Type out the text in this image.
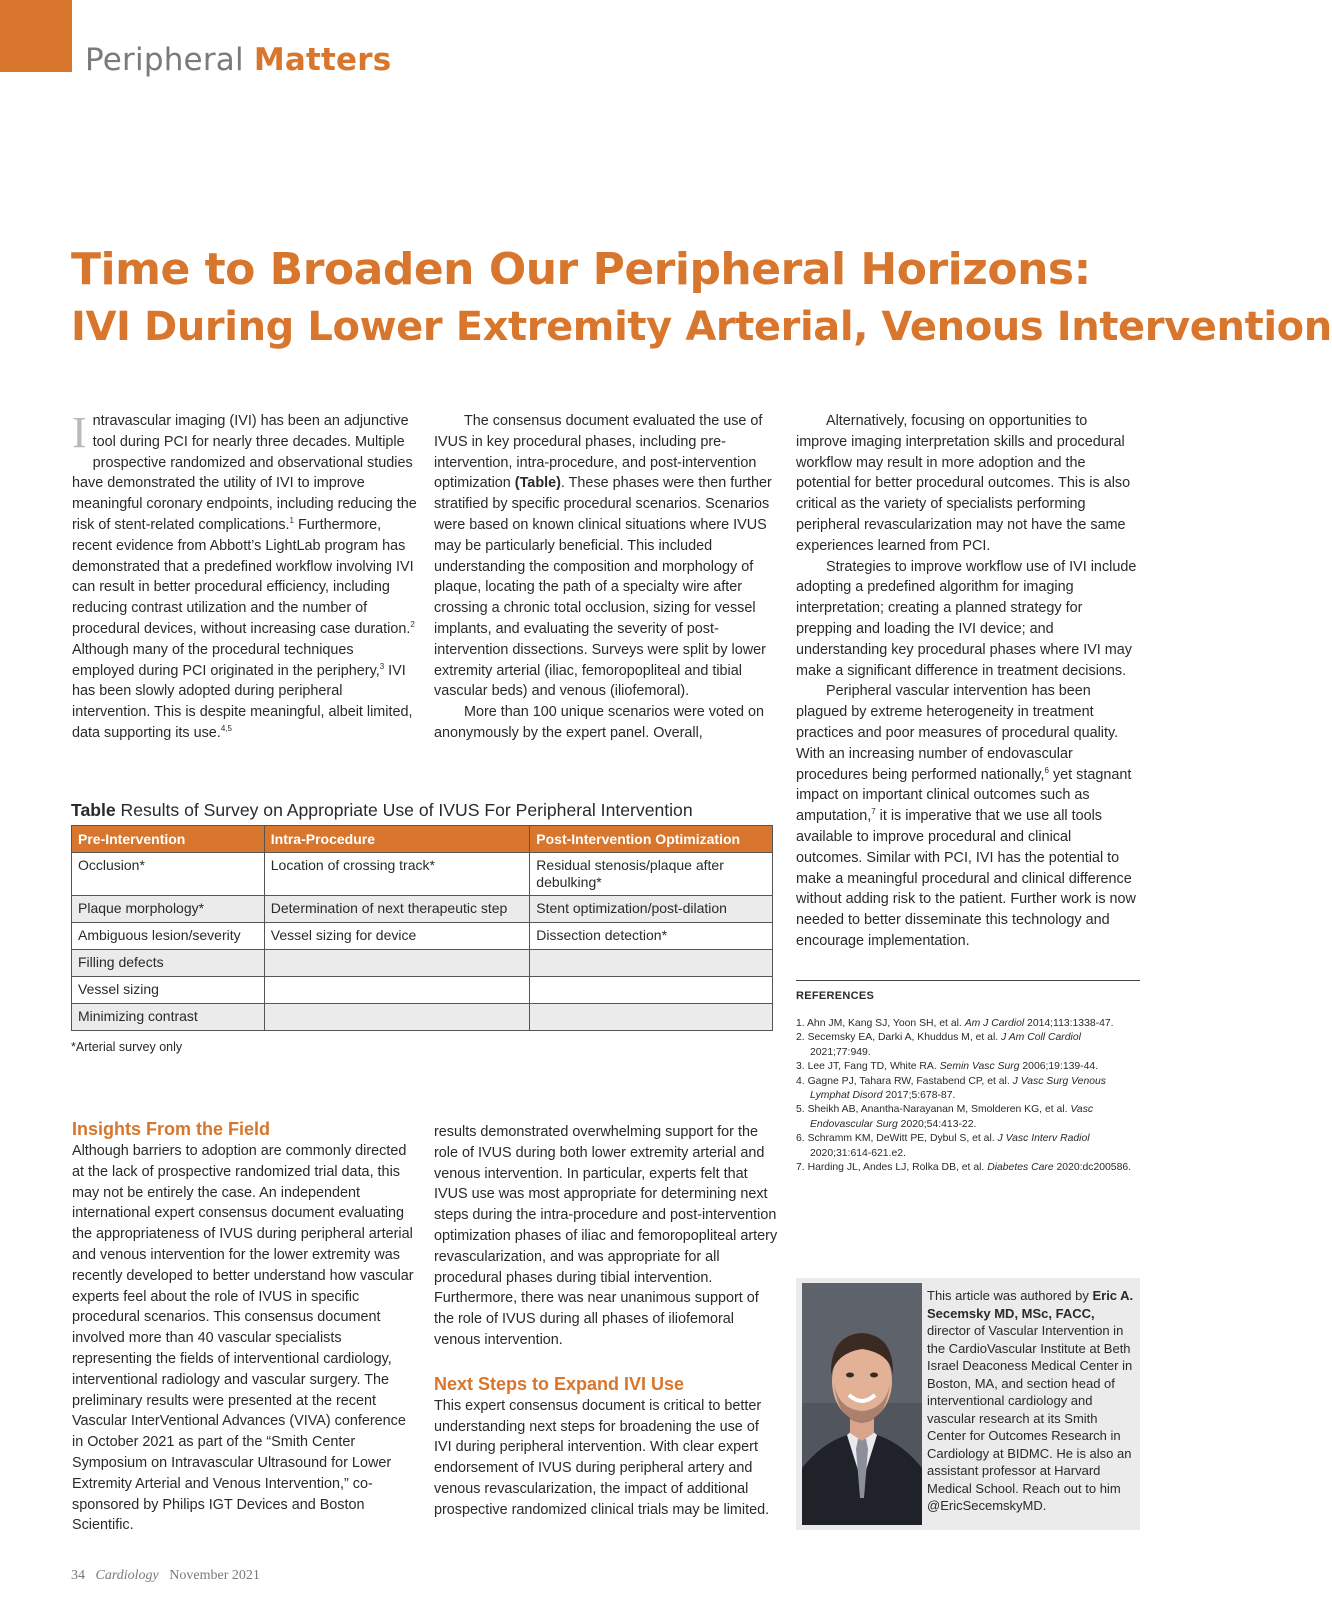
Peripheral Matters
Time to Broaden Our Peripheral Horizons:
IVI During Lower Extremity Arterial, Venous Intervention

Intravascular imaging (IVI) has been an adjunctive tool during PCI for nearly three decades. Multiple prospective randomized and observational studies have demonstrated the utility of IVI to improve meaningful coronary endpoints, including reducing the risk of stent-related complications.$^1$ Furthermore, recent evidence from Abbott’s LightLab program has demonstrated that a predefined workflow involving IVI can result in better procedural efficiency, including reducing contrast utilization and the number of procedural devices, without increasing case duration.$^2$ Although many of the procedural techniques employed during PCI originated in the periphery,$^3$ IVI has been slowly adopted during peripheral intervention. This is despite meaningful, albeit limited, data supporting its use.$^{4,5}$

The consensus document evaluated the use of IVUS in key procedural phases, including pre-intervention, intra-procedure, and post-intervention optimization (Table). These phases were then further stratified by specific procedural scenarios. Scenarios were based on known clinical situations where IVUS may be particularly beneficial. This included understanding the composition and morphology of plaque, locating the path of a specialty wire after crossing a chronic total occlusion, sizing for vessel implants, and evaluating the severity of post-intervention dissections. Surveys were split by lower extremity arterial (iliac, femoropopliteal and tibial vascular beds) and venous (iliofemoral).

More than 100 unique scenarios were voted on anonymously by the expert panel. Overall,

Alternatively, focusing on opportunities to improve imaging interpretation skills and procedural workflow may result in more adoption and the potential for better procedural outcomes. This is also critical as the variety of specialists performing peripheral revascularization may not have the same experiences learned from PCI.

Strategies to improve workflow use of IVI include adopting a predefined algorithm for imaging interpretation; creating a planned strategy for prepping and loading the IVI device; and understanding key procedural phases where IVI may make a significant difference in treatment decisions.

Peripheral vascular intervention has been plagued by extreme heterogeneity in treatment practices and poor measures of procedural quality. With an increasing number of endovascular procedures being performed nationally,$^6$ yet stagnant impact on important clinical outcomes such as amputation,$^7$ it is imperative that we use all tools available to improve procedural and clinical outcomes. Similar with PCI, IVI has the potential to make a meaningful procedural and clinical difference without adding risk to the patient. Further work is now needed to better disseminate this technology and encourage implementation.

Table Results of Survey on Appropriate Use of IVUS For Peripheral Intervention
Pre-Intervention	Intra-Procedure	Post-Intervention Optimization
Occlusion*	Location of crossing track*	Residual stenosis/plaque after debulking*
Plaque morphology*	Determination of next therapeutic step	Stent optimization/post-dilation
Ambiguous lesion/severity	Vessel sizing for device	Dissection detection*
Filling defects		
Vessel sizing		
Minimizing contrast		
*Arterial survey only
Insights From the Field

Although barriers to adoption are commonly directed at the lack of prospective randomized trial data, this may not be entirely the case. An independent international expert consensus document evaluating the appropriateness of IVUS during peripheral arterial and venous intervention for the lower extremity was recently developed to better understand how vascular experts feel about the role of IVUS in specific procedural scenarios. This consensus document involved more than 40 vascular specialists representing the fields of interventional cardiology, interventional radiology and vascular surgery. The preliminary results were presented at the recent Vascular InterVentional Advances (VIVA) conference in October 2021 as part of the “Smith Center Symposium on Intravascular Ultrasound for Lower Extremity Arterial and Venous Intervention,” co-sponsored by Philips IGT Devices and Boston Scientific.

results demonstrated overwhelming support for the role of IVUS during both lower extremity arterial and venous intervention. In particular, experts felt that IVUS use was most appropriate for determining next steps during the intra-procedure and post-intervention optimization phases of iliac and femoropopliteal artery revascularization, and was appropriate for all procedural phases during tibial intervention. Furthermore, there was near unanimous support of the role of IVUS during all phases of iliofemoral venous intervention.

Next Steps to Expand IVI Use

This expert consensus document is critical to better understanding next steps for broadening the use of IVI during peripheral intervention. With clear expert endorsement of IVUS during peripheral artery and venous revascularization, the impact of additional prospective randomized clinical trials may be limited.

REFERENCES
1. Ahn JM, Kang SJ, Yoon SH, et al. Am J Cardiol 2014;113:1338-47.
2. Secemsky EA, Darki A, Khuddus M, et al. J Am Coll Cardiol 2021;77:949.
3. Lee JT, Fang TD, White RA. Semin Vasc Surg 2006;19:139-44.
4. Gagne PJ, Tahara RW, Fastabend CP, et al. J Vasc Surg Venous Lymphat Disord 2017;5:678-87.
5. Sheikh AB, Anantha-Narayanan M, Smolderen KG, et al. Vasc Endovascular Surg 2020;54:413-22.
6. Schramm KM, DeWitt PE, Dybul S, et al. J Vasc Interv Radiol 2020;31:614-621.e2.
7. Harding JL, Andes LJ, Rolka DB, et al. Diabetes Care 2020:dc200586.
This article was authored by Eric A. Secemsky MD, MSc, FACC, director of Vascular Intervention in the CardioVascular Institute at Beth Israel Deaconess Medical Center in Boston, MA, and section head of interventional cardiology and vascular research at its Smith Center for Outcomes Research in Cardiology at BIDMC. He is also an assistant professor at Harvard Medical School. Reach out to him @EricSecemskyMD.
34 Cardiology November 2021
